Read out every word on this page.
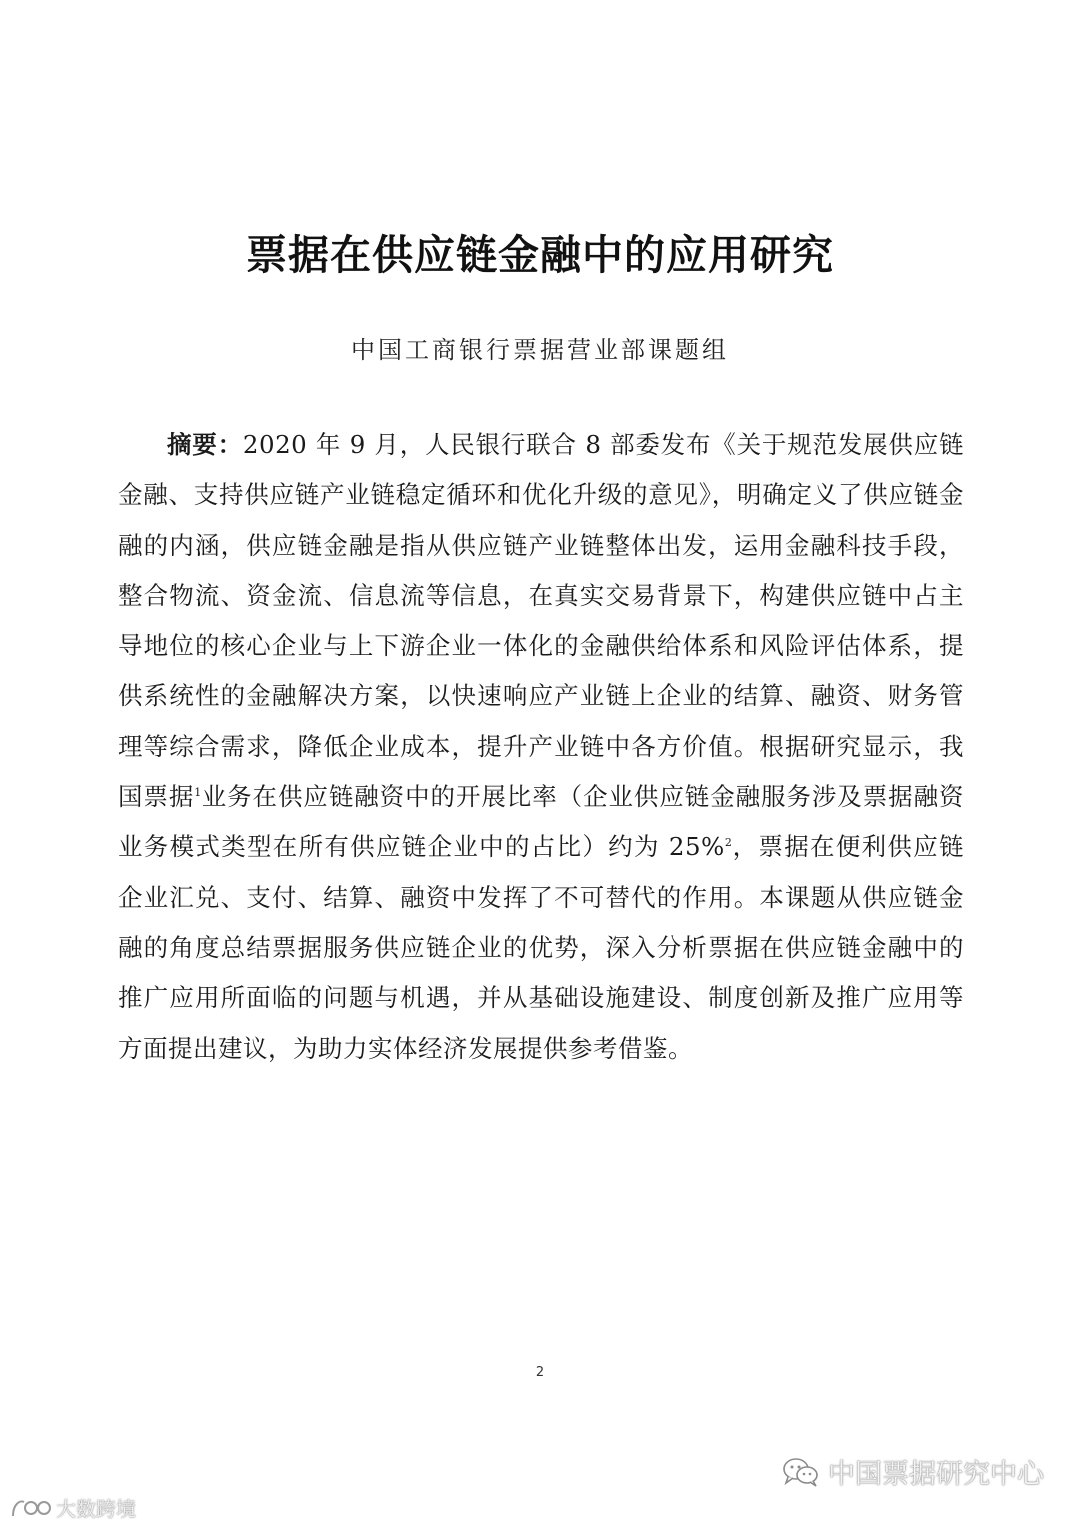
票据在供应链金融中的应用研究
中国工商银行票据营业部课题组
摘要：2020 年 9 月，人民银行联合 8 部委发布《关于规范发展供应链金融、支持供应链产业链稳定循环和优化升级的意见》，明确定义了供应链金融的内涵，供应链金融是指从供应链产业链整体出发，运用金融科技手段，整合物流、资金流、信息流等信息，在真实交易背景下，构建供应链中占主导地位的核心企业与上下游企业一体化的金融供给体系和风险评估体系，提供系统性的金融解决方案，以快速响应产业链上企业的结算、融资、财务管理等综合需求，降低企业成本，提升产业链中各方价值。根据研究显示，我国票据$^1$业务在供应链融资中的开展比率（企业供应链金融服务涉及票据融资业务模式类型在所有供应链企业中的占比）约为 25%$^2$，票据在便利供应链企业汇兑、支付、结算、融资中发挥了不可替代的作用。本课题从供应链金融的角度总结票据服务供应链企业的优势，深入分析票据在供应链金融中的推广应用所面临的问题与机遇，并从基础设施建设、制度创新及推广应用等方面提出建议，为助力实体经济发展提供参考借鉴。
2
大数跨境
中国票据研究中心
